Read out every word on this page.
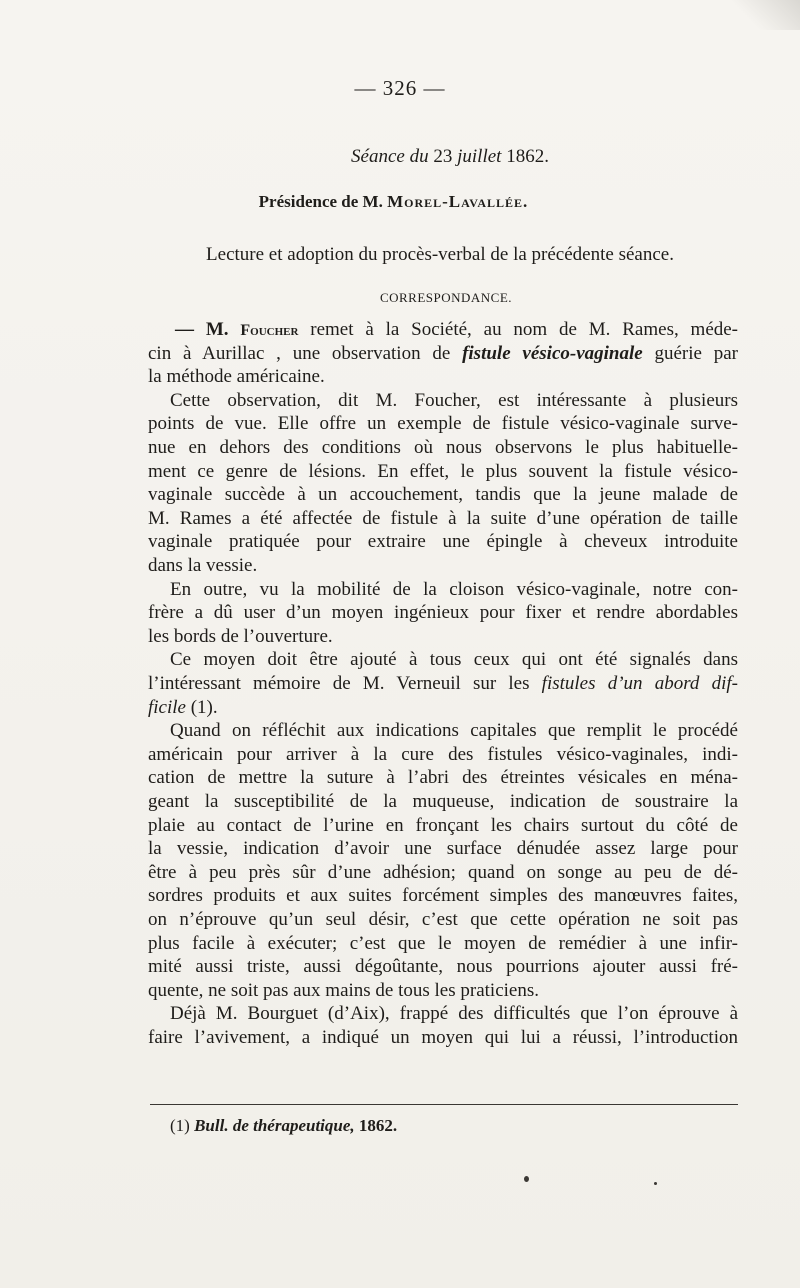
— 326 —
Séance du 23 juillet 1862.
Présidence de M. Morel-Lavallée.
Lecture et adoption du procès-verbal de la précédente séance.
CORRESPONDANCE.
— M. Foucher remet à la Société, au nom de M. Rames, méde-
cin à Aurillac , une observation de fistule vésico-vaginale guérie par
la méthode américaine.
Cette observation, dit M. Foucher, est intéressante à plusieurs
points de vue. Elle offre un exemple de fistule vésico-vaginale surve-
nue en dehors des conditions où nous observons le plus habituelle-
ment ce genre de lésions. En effet, le plus souvent la fistule vésico-
vaginale succède à un accouchement, tandis que la jeune malade de
M. Rames a été affectée de fistule à la suite d’une opération de taille
vaginale pratiquée pour extraire une épingle à cheveux introduite
dans la vessie.
En outre, vu la mobilité de la cloison vésico-vaginale, notre con-
frère a dû user d’un moyen ingénieux pour fixer et rendre abordables
les bords de l’ouverture.
Ce moyen doit être ajouté à tous ceux qui ont été signalés dans
l’intéressant mémoire de M. Verneuil sur les fistules d’un abord dif-
ficile (1).
Quand on réfléchit aux indications capitales que remplit le procédé
américain pour arriver à la cure des fistules vésico-vaginales, indi-
cation de mettre la suture à l’abri des étreintes vésicales en ména-
geant la susceptibilité de la muqueuse, indication de soustraire la
plaie au contact de l’urine en fronçant les chairs surtout du côté de
la vessie, indication d’avoir une surface dénudée assez large pour
être à peu près sûr d’une adhésion; quand on songe au peu de dé-
sordres produits et aux suites forcément simples des manœuvres faites,
on n’éprouve qu’un seul désir, c’est que cette opération ne soit pas
plus facile à exécuter; c’est que le moyen de remédier à une infir-
mité aussi triste, aussi dégoûtante, nous pourrions ajouter aussi fré-
quente, ne soit pas aux mains de tous les praticiens.
Déjà M. Bourguet (d’Aix), frappé des difficultés que l’on éprouve à
faire l’avivement, a indiqué un moyen qui lui a réussi, l’introduction
(1) Bull. de thérapeutique, 1862.
